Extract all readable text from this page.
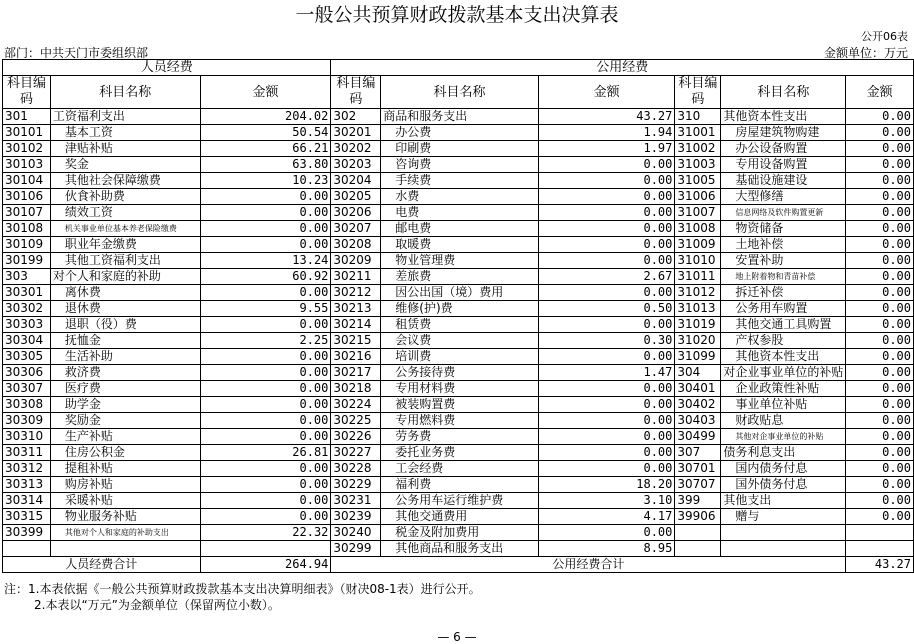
一般公共预算财政拨款基本支出决算表
公开06表
部门：中共天门市委组织部	金额单位：万元
人员经费			公用经费					
科目编码	科目名称	金额	科目编码	科目名称	金额	科目编码	科目名称	金额
301	工资福利支出	204.02	302	商品和服务支出	43.27	310	其他资本性支出	0.00
30101	基本工资	50.54	30201	办公费	1.94	31001	房屋建筑物购建	0.00
30102	津贴补贴	66.21	30202	印刷费	1.97	31002	办公设备购置	0.00
30103	奖金	63.80	30203	咨询费	0.00	31003	专用设备购置	0.00
30104	其他社会保障缴费	10.23	30204	手续费	0.00	31005	基础设施建设	0.00
30106	伙食补助费	0.00	30205	水费	0.00	31006	大型修缮	0.00
30107	绩效工资	0.00	30206	电费	0.00	31007	信息网络及软件购置更新	0.00
30108	机关事业单位基本养老保险缴费	0.00	30207	邮电费	0.00	31008	物资储备	0.00
30109	职业年金缴费	0.00	30208	取暖费	0.00	31009	土地补偿	0.00
30199	其他工资福利支出	13.24	30209	物业管理费	0.00	31010	安置补助	0.00
303	对个人和家庭的补助	60.92	30211	差旅费	2.67	31011	地上附着物和青苗补偿	0.00
30301	离休费	0.00	30212	因公出国（境）费用	0.00	31012	拆迁补偿	0.00
30302	退休费	9.55	30213	维修(护)费	0.50	31013	公务用车购置	0.00
30303	退职（役）费	0.00	30214	租赁费	0.00	31019	其他交通工具购置	0.00
30304	抚恤金	2.25	30215	会议费	0.30	31020	产权参股	0.00
30305	生活补助	0.00	30216	培训费	0.00	31099	其他资本性支出	0.00
30306	救济费	0.00	30217	公务接待费	1.47	304	对企业事业单位的补贴	0.00
30307	医疗费	0.00	30218	专用材料费	0.00	30401	企业政策性补贴	0.00
30308	助学金	0.00	30224	被装购置费	0.00	30402	事业单位补贴	0.00
30309	奖励金	0.00	30225	专用燃料费	0.00	30403	财政贴息	0.00
30310	生产补贴	0.00	30226	劳务费	0.00	30499	其他对企事业单位的补贴	0.00
30311	住房公积金	26.81	30227	委托业务费	0.00	307	债务利息支出	0.00
30312	提租补贴	0.00	30228	工会经费	0.00	30701	国内债务付息	0.00
30313	购房补贴	0.00	30229	福利费	18.20	30707	国外债务付息	0.00
30314	采暖补贴	0.00	30231	公务用车运行维护费	3.10	399	其他支出	0.00
30315	物业服务补贴	0.00	30239	其他交通费用	4.17	39906	赠与	0.00
30399	其他对个人和家庭的补助支出	22.32	30240	税金及附加费用	0.00			
			30299	其他商品和服务支出	8.95			
人员经费合计		264.94	公用经费合计					43.27
注：1.本表依据《一般公共预算财政拨款基本支出决算明细表》（财决08-1表）进行公开。
2.本表以“万元”为金额单位（保留两位小数）。
— 6 —
